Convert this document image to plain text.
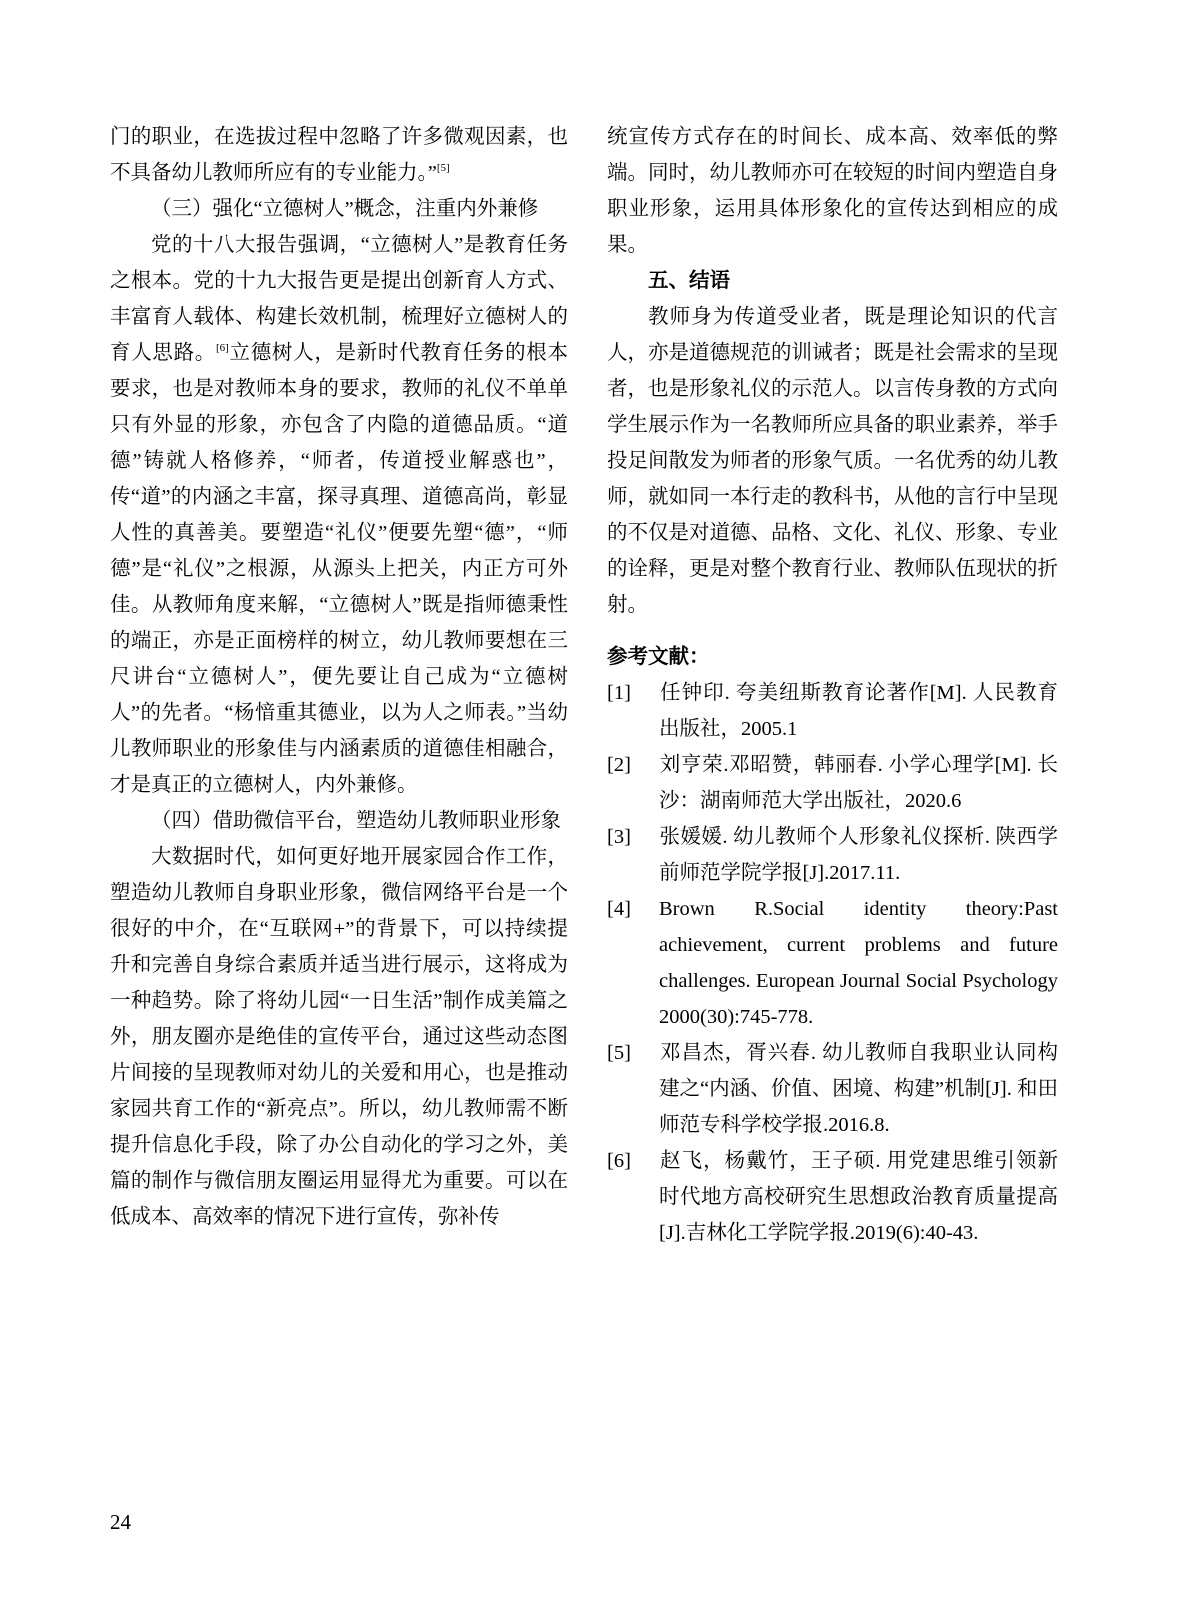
门的职业，在选拔过程中忽略了许多微观因素，也不具备幼儿教师所应有的专业能力。”[5]

（三）强化“立德树人”概念，注重内外兼修

党的十八大报告强调，“立德树人”是教育任务之根本。党的十九大报告更是提出创新育人方式、丰富育人载体、构建长效机制，梳理好立德树人的育人思路。[6]立德树人，是新时代教育任务的根本要求，也是对教师本身的要求，教师的礼仪不单单只有外显的形象，亦包含了内隐的道德品质。“道德”铸就人格修养，“师者，传道授业解惑也”，传“道”的内涵之丰富，探寻真理、道德高尚，彰显人性的真善美。要塑造“礼仪”便要先塑“德”，“师德”是“礼仪”之根源，从源头上把关，内正方可外佳。从教师角度来解，“立德树人”既是指师德秉性的端正，亦是正面榜样的树立，幼儿教师要想在三尺讲台“立德树人”，便先要让自己成为“立德树人”的先者。“杨愔重其德业，以为人之师表。”当幼儿教师职业的形象佳与内涵素质的道德佳相融合，才是真正的立德树人，内外兼修。

（四）借助微信平台，塑造幼儿教师职业形象

大数据时代，如何更好地开展家园合作工作，塑造幼儿教师自身职业形象，微信网络平台是一个很好的中介，在“互联网+”的背景下，可以持续提升和完善自身综合素质并适当进行展示，这将成为一种趋势。除了将幼儿园“一日生活”制作成美篇之外，朋友圈亦是绝佳的宣传平台，通过这些动态图片间接的呈现教师对幼儿的关爱和用心，也是推动家园共育工作的“新亮点”。所以，幼儿教师需不断提升信息化手段，除了办公自动化的学习之外，美篇的制作与微信朋友圈运用显得尤为重要。可以在低成本、高效率的情况下进行宣传，弥补传

统宣传方式存在的时间长、成本高、效率低的弊端。同时，幼儿教师亦可在较短的时间内塑造自身职业形象，运用具体形象化的宣传达到相应的成果。

五、结语

教师身为传道受业者，既是理论知识的代言人，亦是道德规范的训诫者；既是社会需求的呈现者，也是形象礼仪的示范人。以言传身教的方式向学生展示作为一名教师所应具备的职业素养，举手投足间散发为师者的形象气质。一名优秀的幼儿教师，就如同一本行走的教科书，从他的言行中呈现的不仅是对道德、品格、文化、礼仪、形象、专业的诠释，更是对整个教育行业、教师队伍现状的折射。

参考文献：

[1] 任钟印. 夸美纽斯教育论著作[M]. 人民教育出版社，2005.1

[2] 刘亨荣.邓昭赞，韩丽春. 小学心理学[M]. 长沙：湖南师范大学出版社，2020.6

[3] 张媛媛. 幼儿教师个人形象礼仪探析. 陕西学前师范学院学报[J].2017.11.

[4] Brown R.Social identity theory:Past achievement, current problems and future challenges. European Journal Social Psychology 2000(30):745-778.

[5] 邓昌杰，胥兴春. 幼儿教师自我职业认同构建之“内涵、价值、困境、构建”机制[J]. 和田师范专科学校学报.2016.8.

[6] 赵飞，杨戴竹，王子硕. 用党建思维引领新时代地方高校研究生思想政治教育质量提高[J].吉林化工学院学报.2019(6):40-43.

24
